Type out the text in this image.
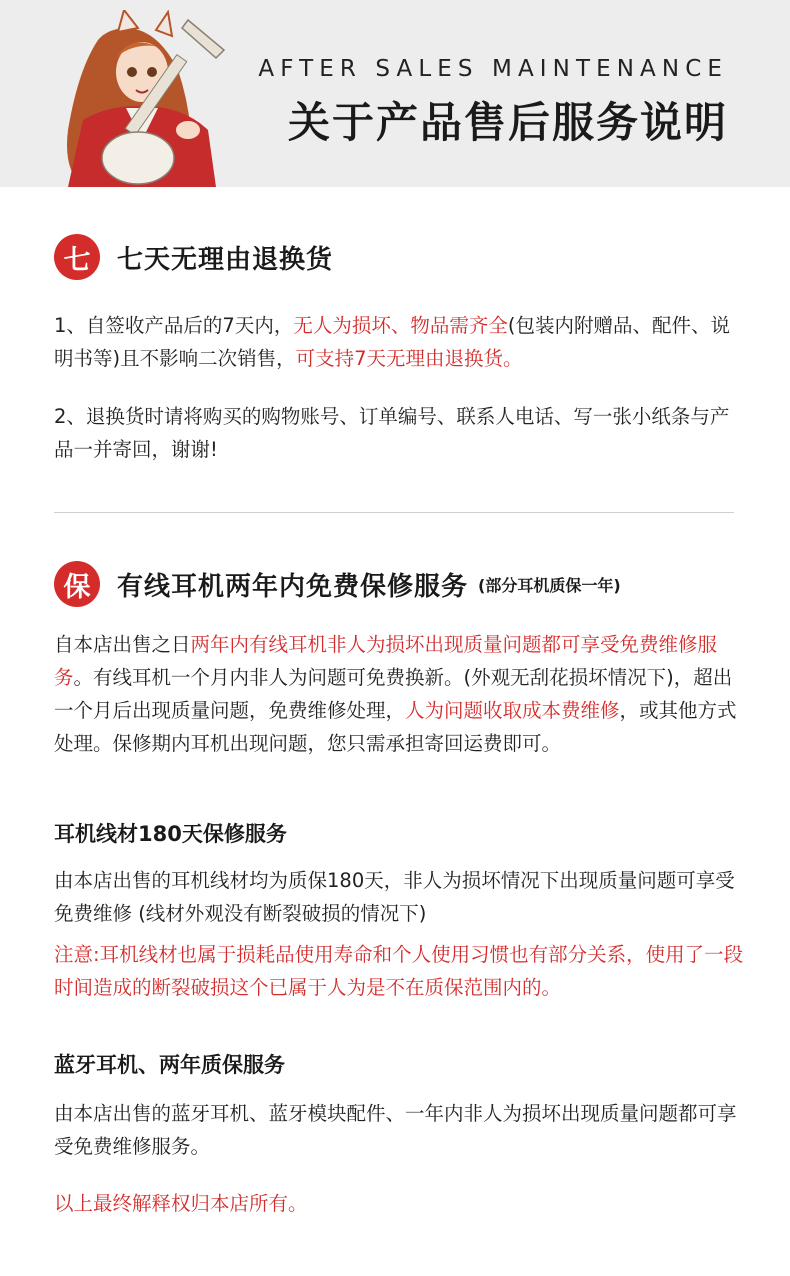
AFTER SALES MAINTENANCE
关于产品售后服务说明
七	七天无理由退换货
1、自签收产品后的7天内，无人为损坏、物品需齐全(包装内附赠品、配件、说明书等)且不影响二次销售，可支持7天无理由退换货。
2、退换货时请将购买的购物账号、订单编号、联系人电话、写一张小纸条与产品一并寄回，谢谢!
保	有线耳机两年内免费保修服务 (部分耳机质保一年)
自本店出售之日两年内有线耳机非人为损坏出现质量问题都可享受免费维修服务。有线耳机一个月内非人为问题可免费换新。(外观无刮花损坏情况下)，超出一个月后出现质量问题，免费维修处理，人为问题收取成本费维修，或其他方式处理。保修期内耳机出现问题，您只需承担寄回运费即可。
耳机线材180天保修服务
由本店出售的耳机线材均为质保180天，非人为损坏情况下出现质量问题可享受免费维修 (线材外观没有断裂破损的情况下)
注意:耳机线材也属于损耗品使用寿命和个人使用习惯也有部分关系，使用了一段时间造成的断裂破损这个已属于人为是不在质保范围内的。
蓝牙耳机、两年质保服务
由本店出售的蓝牙耳机、蓝牙模块配件、一年内非人为损坏出现质量问题都可享受免费维修服务。
以上最终解释权归本店所有。
